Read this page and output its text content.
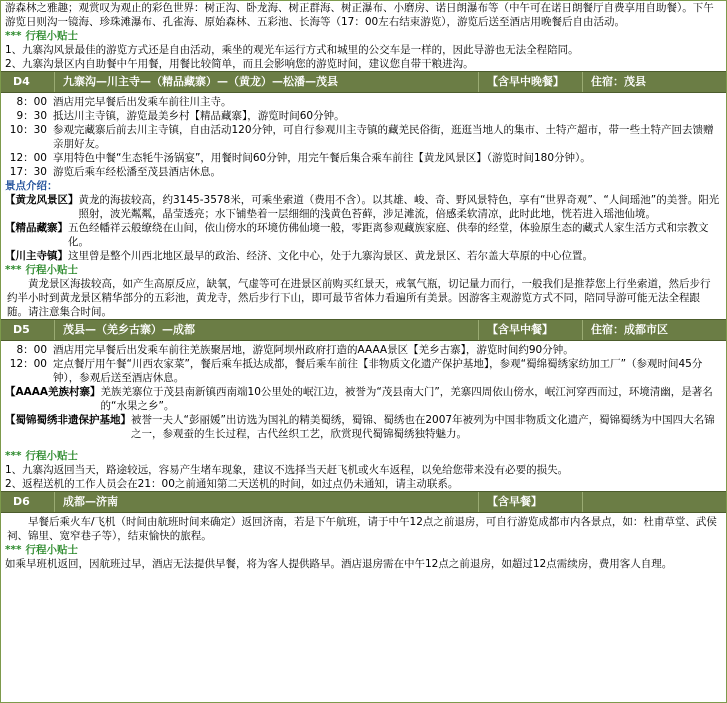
游森林之雅趣；观赏叹为观止的彩色世界：树正沟、卧龙海、树正群海、树正瀑布、小磨房、诺日朗瀑布等（中午可在诺日朗餐厅自费享用自助餐）。下午游览日则沟一镜海、珍珠滩瀑布、孔雀海、原始森林、五彩池、长海等（17：00左右结束游览），游览后送至酒店用晚餐后自由活动。

*** 行程小贴士

1、九寨沟风景最佳的游览方式还是自由活动，乘坐的观光车运行方式和城里的公交车是一样的，因此导游也无法全程陪同。

2、九寨沟景区内自助餐中午用餐，用餐比较简单，而且会影响您的游览时间，建议您自带干粮进沟。

D4	九寨沟—川主寺—（精品藏寨）—（黄龙）—松潘—茂县	【含早中晚餐】	住宿：茂县
8：00 酒店用完早餐后出发乘车前往川主寺。
9：30 抵达川主寺镇，游览最美乡村【精品藏寨】，游览时间60分钟。
10：30 参观完藏寨后前去川主寺镇，自由活动120分钟，可自行参观川主寺镇的藏羌民俗街，逛逛当地人的集市、土特产超市，带一些土特产回去馈赠亲朋好友。
12：00 享用特色中餐“生态牦牛汤锅宴”，用餐时间60分钟，用完午餐后集合乘车前往【黄龙风景区】（游览时间180分钟）。
17：30 游览后乘车经松潘至茂县酒店休息。
景点介绍：
【黄龙风景区】 黄龙的海拔较高，约3145-3578米，可乘坐索道（费用不含）。以其雄、峻、奇、野风景特色，享有“世界奇观”、“人间瑶池”的美誉。阳光照射，波光粼粼，晶莹透亮；水下铺垫着一层细细的浅黄色苔藓，涉足滩流，倍感柔软清凉，此时此地，恍若进入瑶池仙境。
【精品藏寨】 五色经幡祥云般缭绕在山间，依山傍水的环境仿佛仙境一般，零距离参观藏族家庭、供奉的经堂，体验原生态的藏式人家生活方式和宗教文化。
【川主寺镇】 这里曾是整个川西北地区最早的政治、经济、文化中心，处于九寨沟景区、黄龙景区、若尔盖大草原的中心位置。
*** 行程小贴士

黄龙景区海拔较高，如产生高原反应，缺氧，气虚等可在进景区前购买红景天，戒氧气瓶，切记量力而行，一般我们是推荐您上行坐索道，然后步行约半小时到黄龙景区精华部分的五彩池，黄龙寺，然后步行下山，即可最节省体力看遍所有美景。因游客主观游览方式不同，陪同导游可能无法全程跟随。请注意集合时间。

D5	茂县—（羌乡古寨）—成都	【含早中餐】	住宿：成都市区
8：00 酒店用完早餐后出发乘车前往羌族聚居地，游览阿坝州政府打造的AAAA景区【羌乡古寨】，游览时间约90分钟。
12：00 定点餐厅用午餐“川西农家菜”，餐后乘车抵达成都，餐后乘车前往【非物质文化遗产保护基地】，参观“蜀绵蜀绣家纺加工厂”（参观时间45分钟），参观后送至酒店休息。
【AAAA羌族村寨】 羌族羌寨位于茂县南新镇西南端10公里处的岷江边，被誉为“茂县南大门”，羌寨四周依山傍水，岷江河穿西而过，环境清幽，是著名的“水果之乡”。
【蜀锦蜀绣非遗保护基地】 被誉一夫人“彭丽媛”出访选为国礼的精美蜀绣，蜀锦、蜀绣也在2007年被列为中国非物质文化遗产，蜀锦蜀绣为中国四大名锦之一，参观蚕的生长过程，古代丝织工艺，欣赏现代蜀锦蜀绣独特魅力。
*** 行程小贴士

1、九寨沟返回当天，路途较远，容易产生堵车现象，建议不选择当天赶飞机或火车返程，以免给您带来没有必要的损失。

2、返程送机的工作人员会在21：00之前通知第二天送机的时间，如过点仍未通知，请主动联系。

D6	成都—济南	【含早餐】

早餐后乘火车/飞机（时间由航班时间来确定）返回济南，若是下午航班，请于中午12点之前退房，可自行游览成都市内各景点，如：杜甫草堂、武侯祠、锦里、宽窄巷子等），结束愉快的旅程。

*** 行程小贴士

如乘早班机返回，因航班过早，酒店无法提供早餐，将为客人提供路早。酒店退房需在中午12点之前退房，如超过12点需续房，费用客人自理。
